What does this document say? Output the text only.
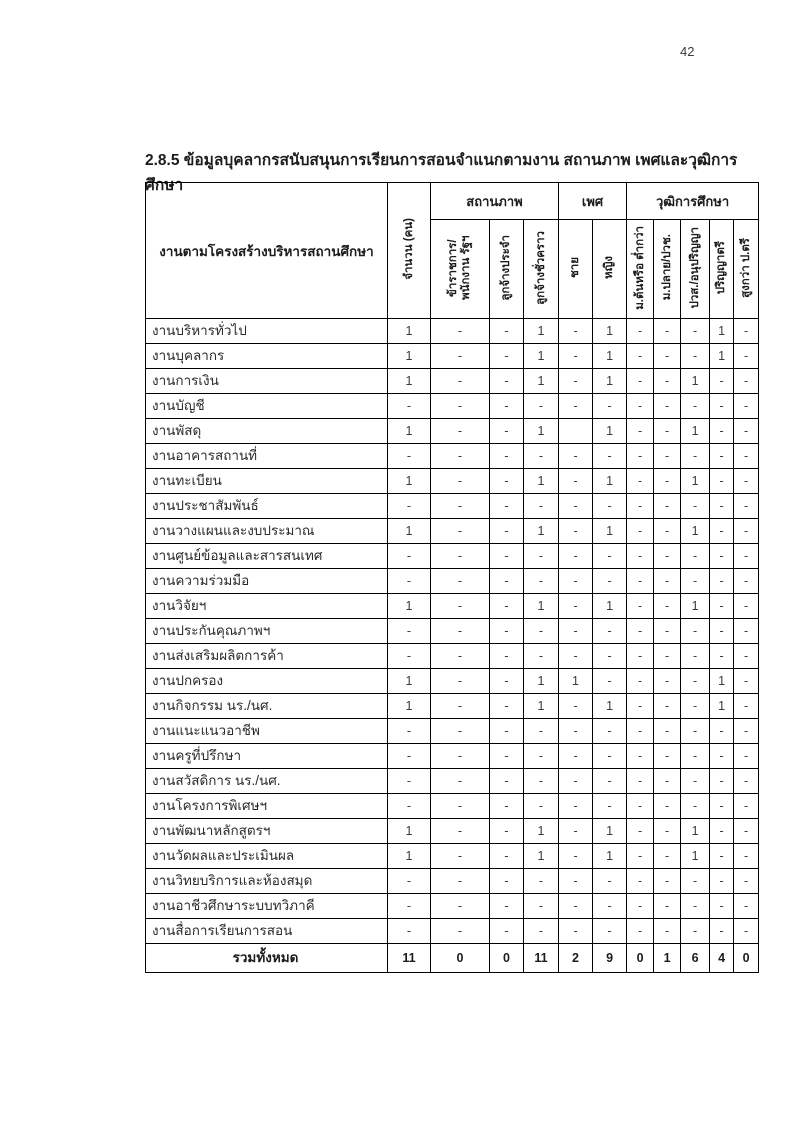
42
2.8.5 ข้อมูลบุคลากรสนับสนุนการเรียนการสอนจำแนกตามงาน สถานภาพ เพศและวุฒิการศึกษา
งานตามโครงสร้างบริหารสถานศึกษา	จำนวน (คน)	สถานภาพ			เพศ		วุฒิการศึกษา				
		ข้าราชการ/พนักงาน รัฐฯ	ลูกจ้างประจำ	ลูกจ้างชั่วคราว	ชาย	หญิง	ม.ต้นหรือ ต่ำกว่า	ม.ปลาย/ปวช.	ปวส./อนุปริญญา	ปริญญาตรี	สูงกว่า ป.ตรี
งานบริหารทั่วไป	1	-	-	1	-	1	-	-	-	1	-
งานบุคลากร	1	-	-	1	-	1	-	-	-	1	-
งานการเงิน	1	-	-	1	-	1	-	-	1	-	-
งานบัญชี	-	-	-	-	-	-	-	-	-	-	-
งานพัสดุ	1	-	-	1		1	-	-	1	-	-
งานอาคารสถานที่	-	-	-	-	-	-	-	-	-	-	-
งานทะเบียน	1	-	-	1	-	1	-	-	1	-	-
งานประชาสัมพันธ์	-	-	-	-	-	-	-	-	-	-	-
งานวางแผนและงบประมาณ	1	-	-	1	-	1	-	-	1	-	-
งานศูนย์ข้อมูลและสารสนเทศ	-	-	-	-	-	-	-	-	-	-	-
งานความร่วมมือ	-	-	-	-	-	-	-	-	-	-	-
งานวิจัยฯ	1	-	-	1	-	1	-	-	1	-	-
งานประกันคุณภาพฯ	-	-	-	-	-	-	-	-	-	-	-
งานส่งเสริมผลิตการค้า	-	-	-	-	-	-	-	-	-	-	-
งานปกครอง	1	-	-	1	1	-	-	-	-	1	-
งานกิจกรรม นร./นศ.	1	-	-	1	-	1	-	-	-	1	-
งานแนะแนวอาชีพ	-	-	-	-	-	-	-	-	-	-	-
งานครูที่ปรึกษา	-	-	-	-	-	-	-	-	-	-	-
งานสวัสดิการ นร./นศ.	-	-	-	-	-	-	-	-	-	-	-
งานโครงการพิเศษฯ	-	-	-	-	-	-	-	-	-	-	-
งานพัฒนาหลักสูตรฯ	1	-	-	1	-	1	-	-	1	-	-
งานวัดผลและประเมินผล	1	-	-	1	-	1	-	-	1	-	-
งานวิทยบริการและห้องสมุด	-	-	-	-	-	-	-	-	-	-	-
งานอาชีวศึกษาระบบทวิภาคี	-	-	-	-	-	-	-	-	-	-	-
งานสื่อการเรียนการสอน	-	-	-	-	-	-	-	-	-	-	-
รวมทั้งหมด	11	0	0	11	2	9	0	1	6	4	0
